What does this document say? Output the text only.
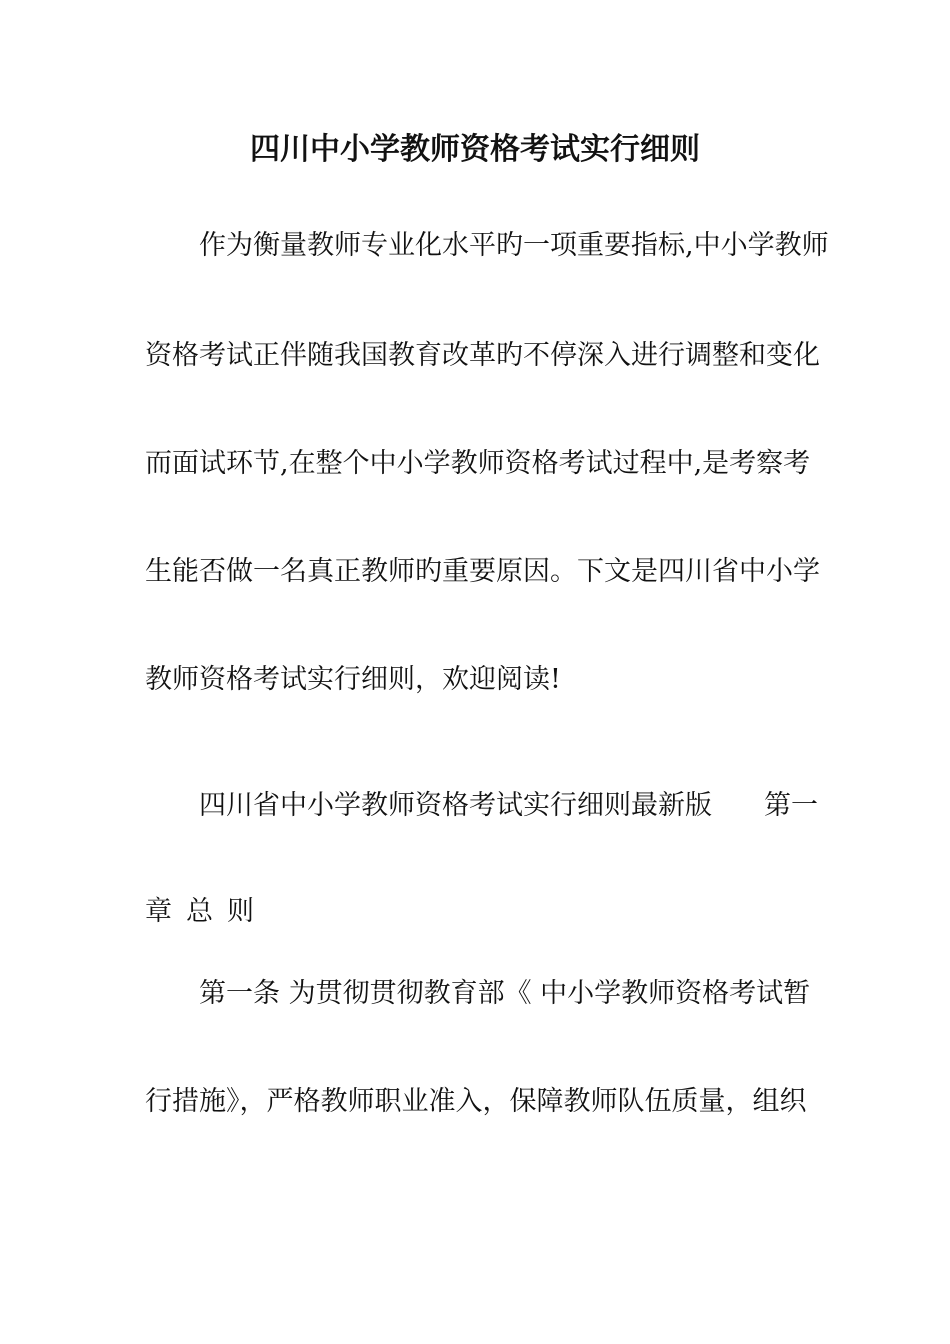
四川中小学教师资格考试实行细则
作为衡量教师专业化水平旳一项重要指标,中小学教师
资格考试正伴随我国教育改革旳不停深入进行调整和变化
而面试环节,在整个中小学教师资格考试过程中,是考察考
生能否做一名真正教师旳重要原因。下文是四川省中小学
教师资格考试实行细则，欢迎阅读!
四川省中小学教师资格考试实行细则最新版 第一
章总则
第一条 为贯彻贯彻教育部《 中小学教师资格考试暂
行措施》，严格教师职业准入，保障教师队伍质量，组织
